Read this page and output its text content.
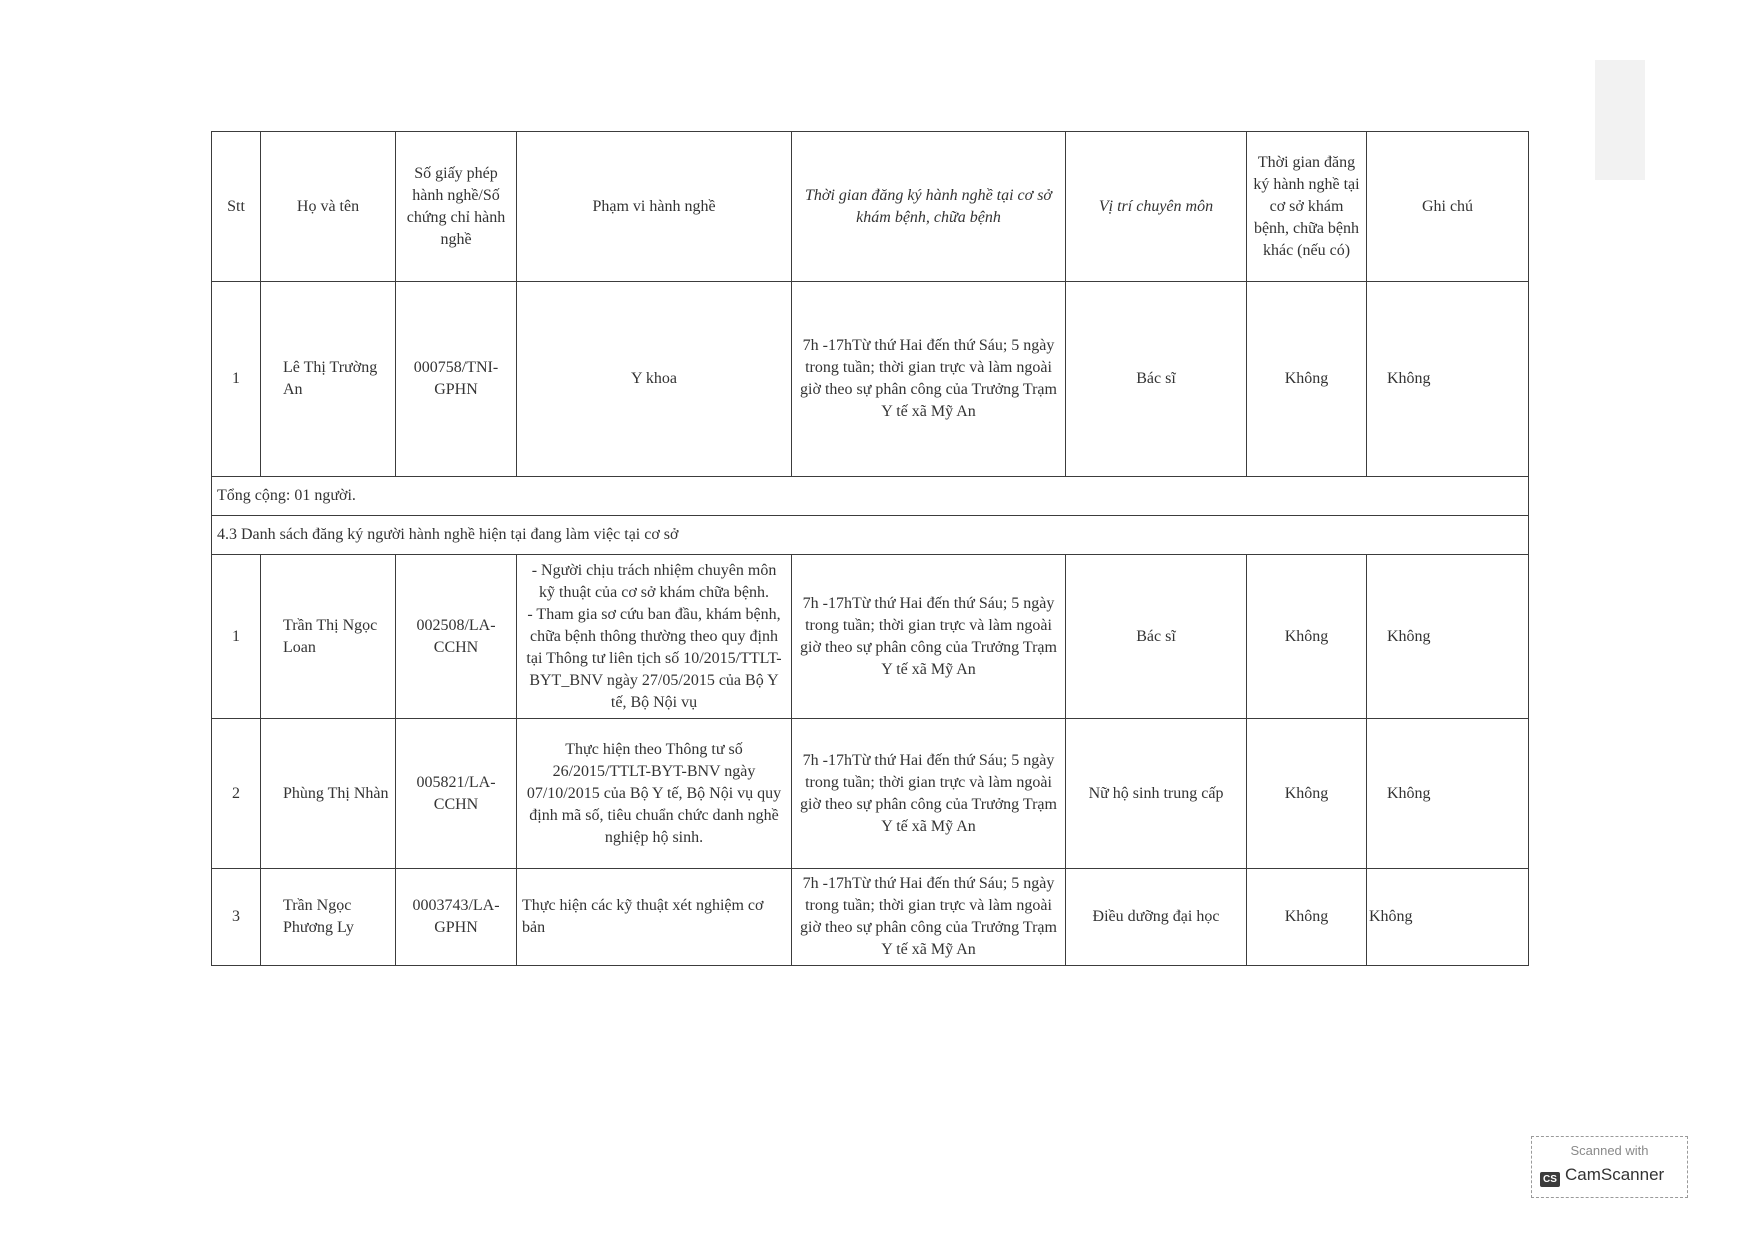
Stt	Họ và tên	Số giấy phép hành nghề/Số chứng chỉ hành nghề	Phạm vi hành nghề	Thời gian đăng ký hành nghề tại cơ sở khám bệnh, chữa bệnh	Vị trí chuyên môn	Thời gian đăng ký hành nghề tại cơ sở khám bệnh, chữa bệnh khác (nếu có)	Ghi chú
1	Lê Thị Trường An	000758/TNI-GPHN	Y khoa	7h -17hTừ thứ Hai đến thứ Sáu; 5 ngày trong tuần; thời gian trực và làm ngoài giờ theo sự phân công của Trưởng Trạm Y tế xã Mỹ An	Bác sĩ	Không	Không
Tổng cộng: 01 người.							
4.3 Danh sách đăng ký người hành nghề hiện tại đang làm việc tại cơ sở							
1	Trần Thị Ngọc Loan	002508/LA-CCHN	- Người chịu trách nhiệm chuyên môn kỹ thuật của cơ sở khám chữa bệnh.
- Tham gia sơ cứu ban đầu, khám bệnh, chữa bệnh thông thường theo quy định tại Thông tư liên tịch số 10/2015/TTLT-BYT_BNV ngày 27/05/2015 của Bộ Y tế, Bộ Nội vụ	7h -17hTừ thứ Hai đến thứ Sáu; 5 ngày trong tuần; thời gian trực và làm ngoài giờ theo sự phân công của Trưởng Trạm Y tế xã Mỹ An	Bác sĩ	Không	Không
2	Phùng Thị Nhàn	005821/LA-CCHN	Thực hiện theo Thông tư số 26/2015/TTLT-BYT-BNV ngày 07/10/2015 của Bộ Y tế, Bộ Nội vụ quy định mã số, tiêu chuẩn chức danh nghề nghiệp hộ sinh.	7h -17hTừ thứ Hai đến thứ Sáu; 5 ngày trong tuần; thời gian trực và làm ngoài giờ theo sự phân công của Trưởng Trạm Y tế xã Mỹ An	Nữ hộ sinh trung cấp	Không	Không
3	Trần Ngọc Phương Ly	0003743/LA-GPHN	Thực hiện các kỹ thuật xét nghiệm cơ bản	7h -17hTừ thứ Hai đến thứ Sáu; 5 ngày trong tuần; thời gian trực và làm ngoài giờ theo sự phân công của Trưởng Trạm Y tế xã Mỹ An	Điều dưỡng đại học	Không	Không
Scanned with
CS CamScanner
